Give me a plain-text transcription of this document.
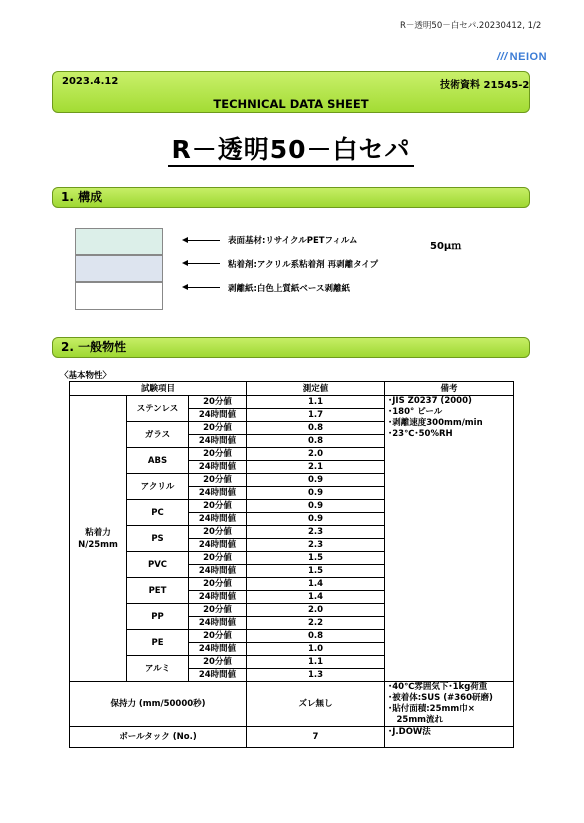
R－透明50－白セパ.20230412, 1/2
/// NEION
2023.4.12	技術資料 21545-2
TECHNICAL DATA SHEET
R－透明50－白セパ
1. 構成
表面基材:リサイクルPETフィルム	50μｍ
粘着剤:アクリル系粘着剤 再剥離タイプ
剥離紙:白色上質紙ベース剥離紙
2. 一般物性
〈基本物性〉
試験項目			測定値	備考
粘着力
N/25mm	ステンレス	20分値	1.1	･JIS Z0237 (2000)
･180° ピール
･剥離速度300mm/min
･23℃･50%RH
		24時間値	1.7	
	ガラス	20分値	0.8	
		24時間値	0.8	
	ABS	20分値	2.0	
		24時間値	2.1	
	アクリル	20分値	0.9	
		24時間値	0.9	
	PC	20分値	0.9	
		24時間値	0.9	
	PS	20分値	2.3	
		24時間値	2.3	
	PVC	20分値	1.5	
		24時間値	1.5	
	PET	20分値	1.4	
		24時間値	1.4	
	PP	20分値	2.0	
		24時間値	2.2	
	PE	20分値	0.8	
		24時間値	1.0	
	アルミ	20分値	1.1	
		24時間値	1.3	
保持力 (mm/50000秒)			ズレ無し	･40℃雰囲気下･1kg荷重
･被着体:SUS (#360研磨)
･貼付面積:25mm巾×
　25mm流れ
ボールタック (No.)			7	･J.DOW法
